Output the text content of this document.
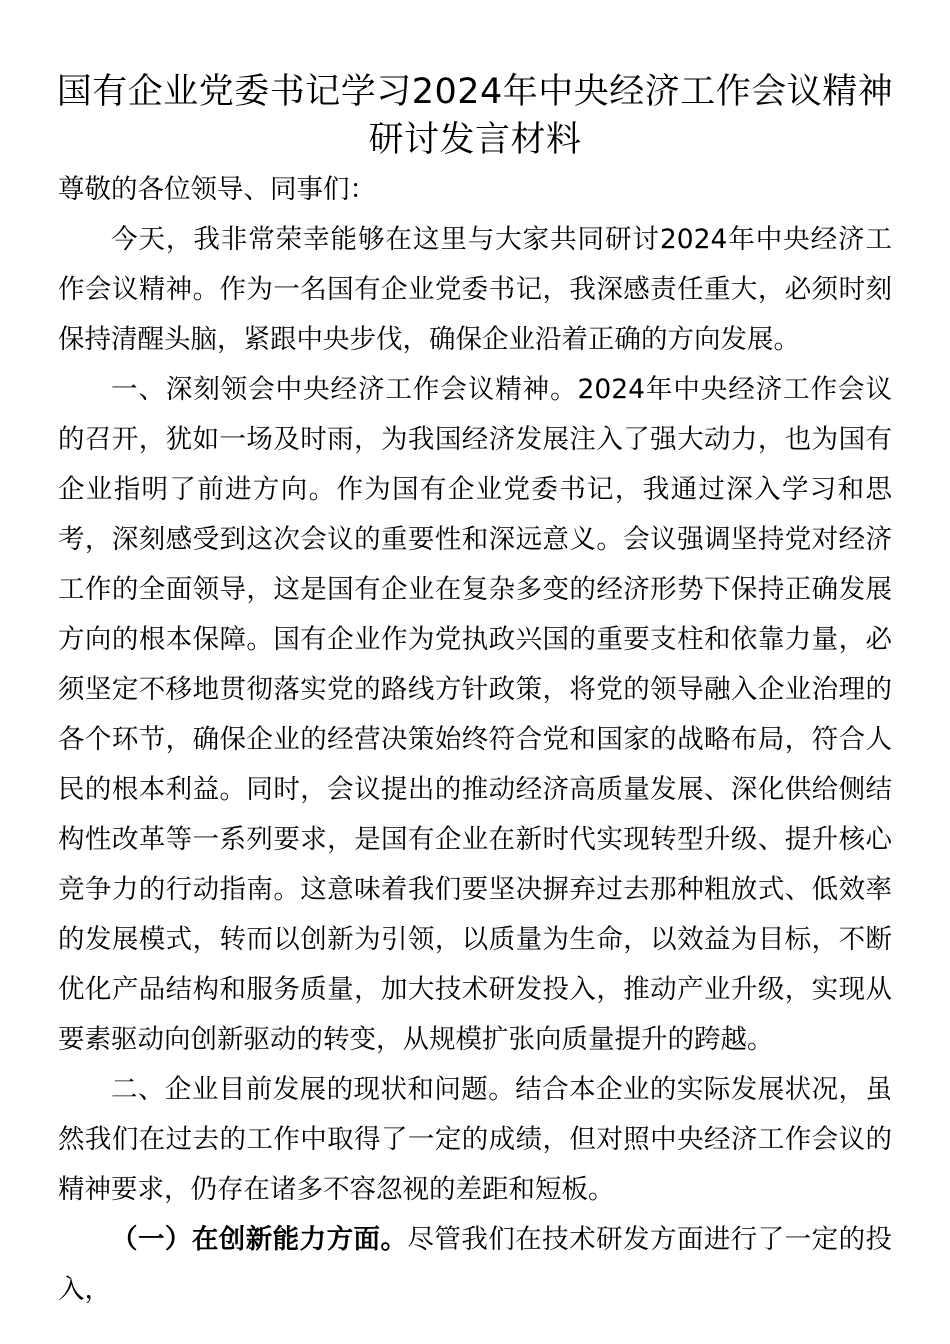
国有企业党委书记学习2024年中央经济工作会议精神研讨发言材料

尊敬的各位领导、同事们：

今天，我非常荣幸能够在这里与大家共同研讨2024年中央经济工作会议精神。作为一名国有企业党委书记，我深感责任重大，必须时刻保持清醒头脑，紧跟中央步伐，确保企业沿着正确的方向发展。

一、深刻领会中央经济工作会议精神。2024年中央经济工作会议的召开，犹如一场及时雨，为我国经济发展注入了强大动力，也为国有企业指明了前进方向。作为国有企业党委书记，我通过深入学习和思考，深刻感受到这次会议的重要性和深远意义。会议强调坚持党对经济工作的全面领导，这是国有企业在复杂多变的经济形势下保持正确发展方向的根本保障。国有企业作为党执政兴国的重要支柱和依靠力量，必须坚定不移地贯彻落实党的路线方针政策，将党的领导融入企业治理的各个环节，确保企业的经营决策始终符合党和国家的战略布局，符合人民的根本利益。同时，会议提出的推动经济高质量发展、深化供给侧结构性改革等一系列要求，是国有企业在新时代实现转型升级、提升核心竞争力的行动指南。这意味着我们要坚决摒弃过去那种粗放式、低效率的发展模式，转而以创新为引领，以质量为生命，以效益为目标，不断优化产品结构和服务质量，加大技术研发投入，推动产业升级，实现从要素驱动向创新驱动的转变，从规模扩张向质量提升的跨越。

二、企业目前发展的现状和问题。结合本企业的实际发展状况，虽然我们在过去的工作中取得了一定的成绩，但对照中央经济工作会议的精神要求，仍存在诸多不容忽视的差距和短板。

（一）在创新能力方面。尽管我们在技术研发方面进行了一定的投入，
